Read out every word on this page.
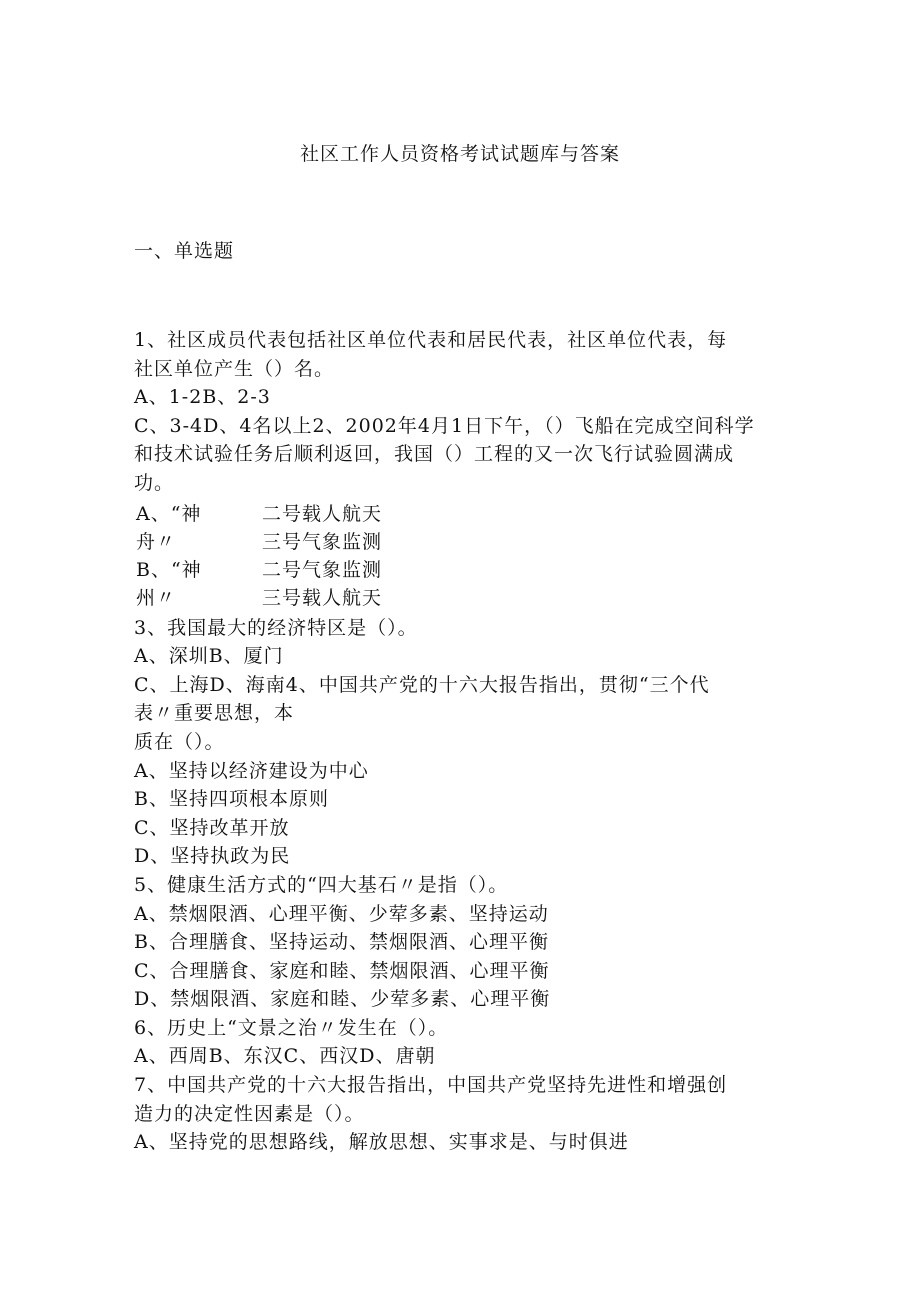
社区工作人员资格考试试题库与答案
一、单选题
1、社区成员代表包括社区单位代表和居民代表，社区单位代表，每
社区单位产生（）名。
A、1-2B、2-3
C、3-4D、4名以上2、2002年4月1日下午，（）飞船在完成空间科学
和技术试验任务后顺利返回，我国（）工程的又一次飞行试验圆满成
功。
A、“神
舟〃
B、“神
州〃
二号载人航天
三号气象监测
二号气象监测
三号载人航天
3、我国最大的经济特区是（）。
A、深圳B、厦门
C、上海D、海南4、中国共产党的十六大报告指出，贯彻“三个代
表〃重要思想，本
质在（）。
A、坚持以经济建设为中心
B、坚持四项根本原则
C、坚持改革开放
D、坚持执政为民
5、健康生活方式的“四大基石〃是指（）。
A、禁烟限酒、心理平衡、少荤多素、坚持运动
B、合理膳食、坚持运动、禁烟限酒、心理平衡
C、合理膳食、家庭和睦、禁烟限酒、心理平衡
D、禁烟限酒、家庭和睦、少荤多素、心理平衡
6、历史上“文景之治〃发生在（）。
A、西周B、东汉C、西汉D、唐朝
7、中国共产党的十六大报告指出，中国共产党坚持先进性和增强创
造力的决定性因素是（）。
A、坚持党的思想路线，解放思想、实事求是、与时俱进
